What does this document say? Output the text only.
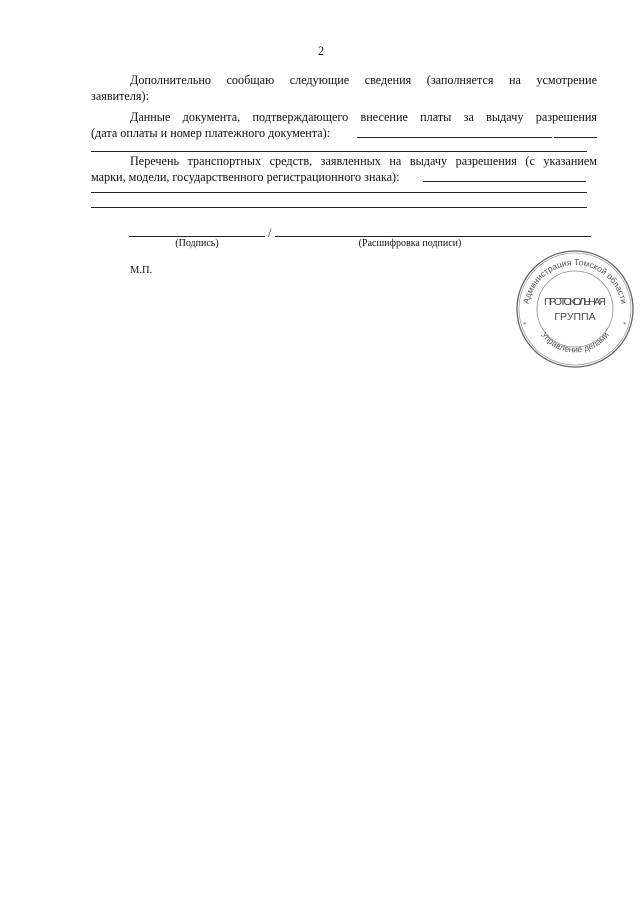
2
Дополнительно сообщаю следующие сведения (заполняется на усмотрение
заявителя):
Данные документа, подтверждающего внесение платы за выдачу разрешения
(дата оплаты и номер платежного документа):
Перечень транспортных средств, заявленных на выдачу разрешения (с указанием
марки, модели, государственного регистрационного знака):
/
(Подпись)	(Расшифровка подписи)
М.П.
Администрация Томской области
Управление делами
ПРОТОКОЛЬНАЯ
ГРУППА
*	*
